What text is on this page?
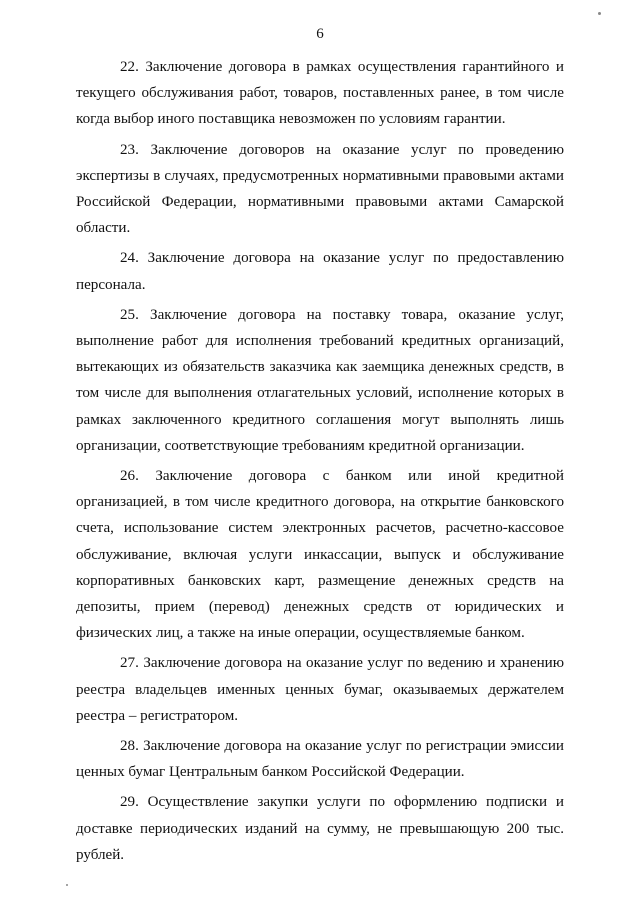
6

22. Заключение договора в рамках осуществления гарантийного и текущего обслуживания работ, товаров, поставленных ранее, в том числе когда выбор иного поставщика невозможен по условиям гарантии.

23. Заключение договоров на оказание услуг по проведению экспертизы в случаях, предусмотренных нормативными правовыми актами Российской Федерации, нормативными правовыми актами Самарской области.

24. Заключение договора на оказание услуг по предоставлению персонала.

25. Заключение договора на поставку товара, оказание услуг, выполнение работ для исполнения требований кредитных организаций, вытекающих из обязательств заказчика как заемщика денежных средств, в том числе для выполнения отлагательных условий, исполнение которых в рамках заключенного кредитного соглашения могут выполнять лишь организации, соответствующие требованиям кредитной организации.

26. Заключение договора с банком или иной кредитной организацией, в том числе кредитного договора, на открытие банковского счета, использование систем электронных расчетов, расчетно-кассовое обслуживание, включая услуги инкассации, выпуск и обслуживание корпоративных банковских карт, размещение денежных средств на депозиты, прием (перевод) денежных средств от юридических и физических лиц, а также на иные операции, осуществляемые банком.

27. Заключение договора на оказание услуг по ведению и хранению реестра владельцев именных ценных бумаг, оказываемых держателем реестра – регистратором.

28. Заключение договора на оказание услуг по регистрации эмиссии ценных бумаг Центральным банком Российской Федерации.

29. Осуществление закупки услуги по оформлению подписки и доставке периодических изданий на сумму, не превышающую 200 тыс. рублей.
